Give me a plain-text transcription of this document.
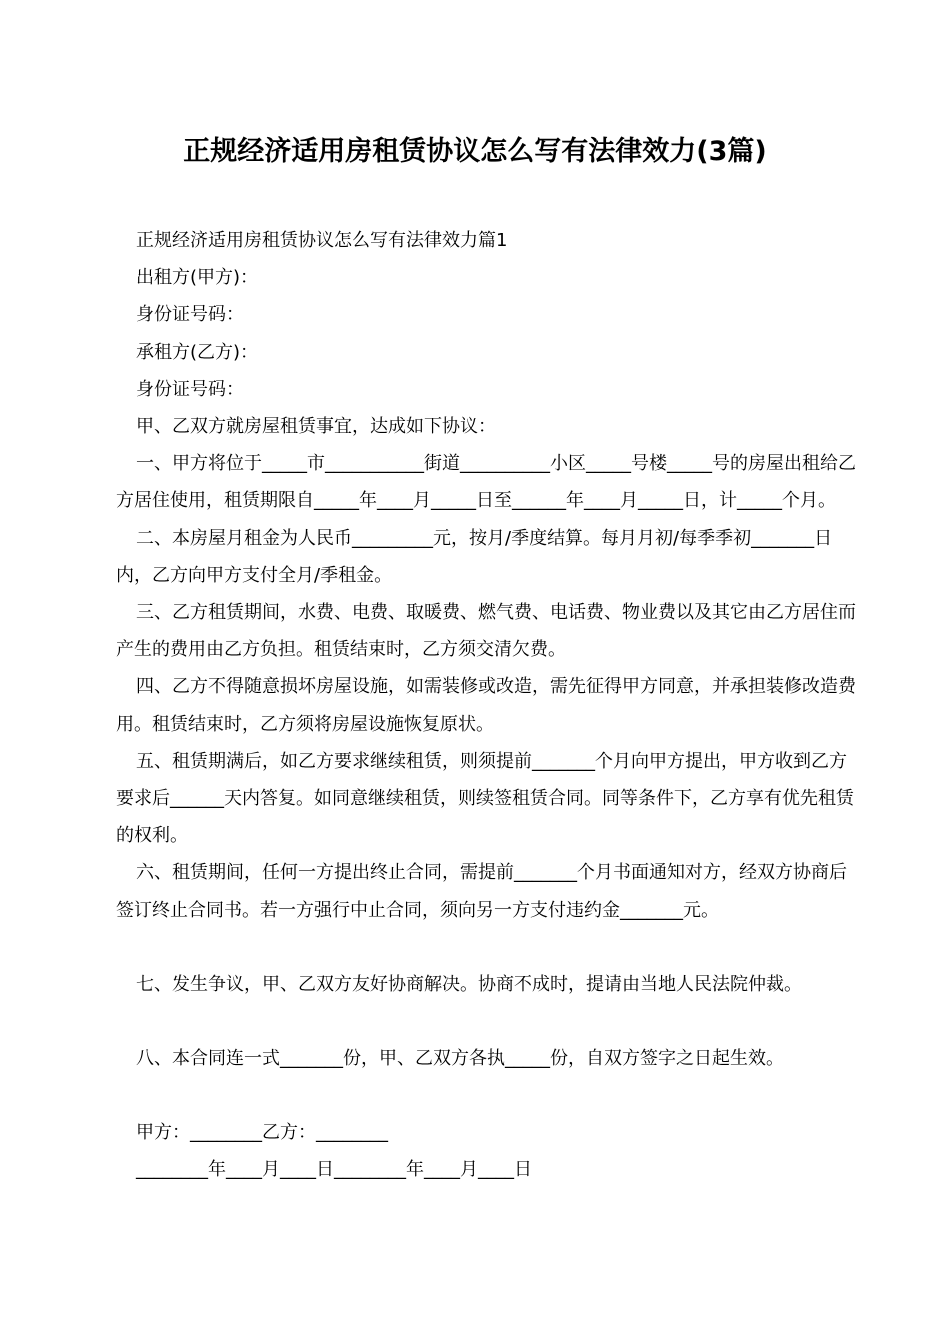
正规经济适用房租赁协议怎么写有法律效力(3篇)

正规经济适用房租赁协议怎么写有法律效力篇1

出租方(甲方)：

身份证号码：

承租方(乙方)：

身份证号码：

甲、乙双方就房屋租赁事宜，达成如下协议：

一、甲方将位于_____市___________街道__________小区_____号楼_____号的房屋出租给乙方居住使用，租赁期限自_____年____月_____日至______年____月_____日，计_____个月。

二、本房屋月租金为人民币_________元，按月/季度结算。每月月初/每季季初_______日内，乙方向甲方支付全月/季租金。

三、乙方租赁期间，水费、电费、取暖费、燃气费、电话费、物业费以及其它由乙方居住而产生的费用由乙方负担。租赁结束时，乙方须交清欠费。

四、乙方不得随意损坏房屋设施，如需装修或改造，需先征得甲方同意，并承担装修改造费用。租赁结束时，乙方须将房屋设施恢复原状。

五、租赁期满后，如乙方要求继续租赁，则须提前_______个月向甲方提出，甲方收到乙方要求后______天内答复。如同意继续租赁，则续签租赁合同。同等条件下，乙方享有优先租赁的权利。

六、租赁期间，任何一方提出终止合同，需提前_______个月书面通知对方，经双方协商后签订终止合同书。若一方强行中止合同，须向另一方支付违约金_______元。

七、发生争议，甲、乙双方友好协商解决。协商不成时，提请由当地人民法院仲裁。

八、本合同连一式_______份，甲、乙双方各执_____份，自双方签字之日起生效。

甲方：________乙方：________

________年____月____日________年____月____日
